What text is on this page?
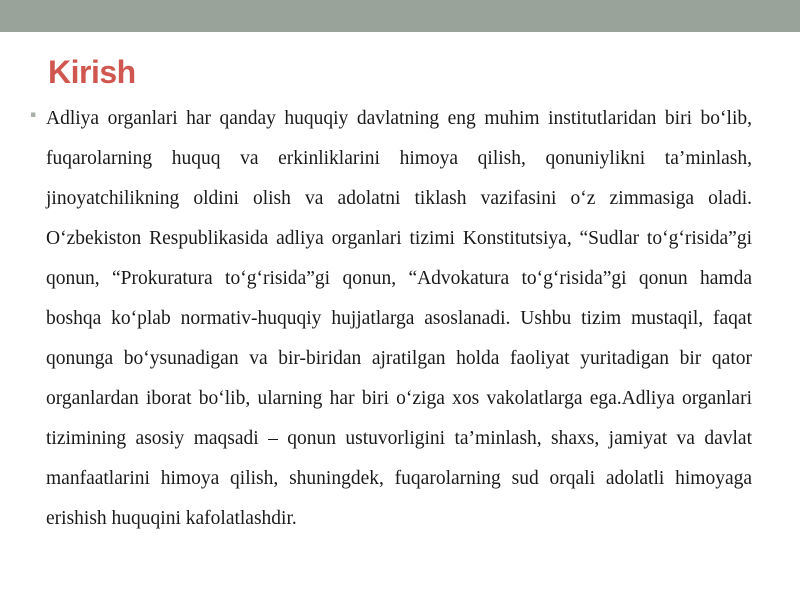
Kirish
▪ Adliya organlari har qanday huquqiy davlatning eng muhim institutlaridan biri bo‘lib, fuqarolarning huquq va erkinliklarini himoya qilish, qonuniylikni ta’minlash, jinoyatchilikning oldini olish va adolatni tiklash vazifasini o‘z zimmasiga oladi. O‘zbekiston Respublikasida adliya organlari tizimi Konstitutsiya, “Sudlar to‘g‘risida”gi qonun, “Prokuratura to‘g‘risida”gi qonun, “Advokatura to‘g‘risida”gi qonun hamda boshqa ko‘plab normativ-huquqiy hujjatlarga asoslanadi. Ushbu tizim mustaqil, faqat qonunga bo‘ysunadigan va bir-biridan ajratilgan holda faoliyat yuritadigan bir qator organlardan iborat bo‘lib, ularning har biri o‘ziga xos vakolatlarga ega.Adliya organlari tizimining asosiy maqsadi – qonun ustuvorligini ta’minlash, shaxs, jamiyat va davlat manfaatlarini himoya qilish, shuningdek, fuqarolarning sud orqali adolatli himoyaga erishish huquqini kafolatlashdir.
